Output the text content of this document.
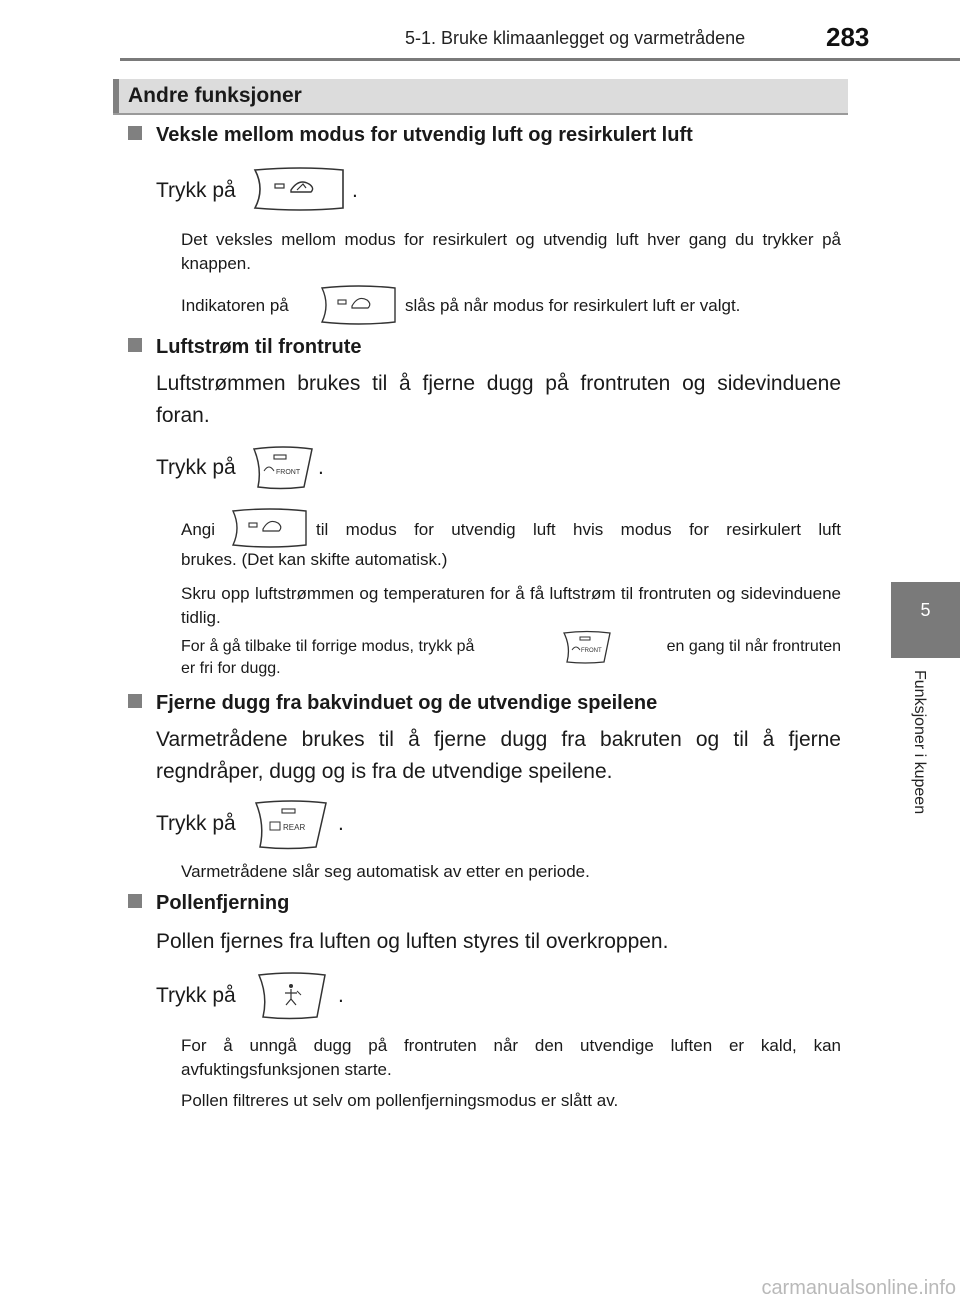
5-1. Bruke klimaanlegget og varmetrådene	283
5
Funksjoner i kupeen
Andre funksjoner
Veksle mellom modus for utvendig luft og resirkulert luft
Trykk på	.
Det veksles mellom modus for resirkulert og utvendig luft hver gang du trykker på knappen.
Indikatoren på	slås på når modus for resirkulert luft er valgt.
Luftstrøm til frontrute
Luftstrømmen brukes til å fjerne dugg på frontruten og sidevinduene foran.
Trykk på	FRONT .
Angi	til modus for utvendig luft hvis modus for resirkulert luft
brukes. (Det kan skifte automatisk.)
Skru opp luftstrømmen og temperaturen for å få luftstrøm til frontruten og sidevinduene tidlig.
For å gå tilbake til forrige modus, trykk på	FRONT	en gang til når frontruten
er fri for dugg.
Fjerne dugg fra bakvinduet og de utvendige speilene
Varmetrådene brukes til å fjerne dugg fra bakruten og til å fjerne regndråper, dugg og is fra de utvendige speilene.
Trykk på	REAR .
Varmetrådene slår seg automatisk av etter en periode.
Pollenfjerning
Pollen fjernes fra luften og luften styres til overkroppen.
Trykk på	.
For å unngå dugg på frontruten når den utvendige luften er kald, kan avfuktingsfunksjonen starte.
Pollen filtreres ut selv om pollenfjerningsmodus er slått av.
carmanualsonline.info
